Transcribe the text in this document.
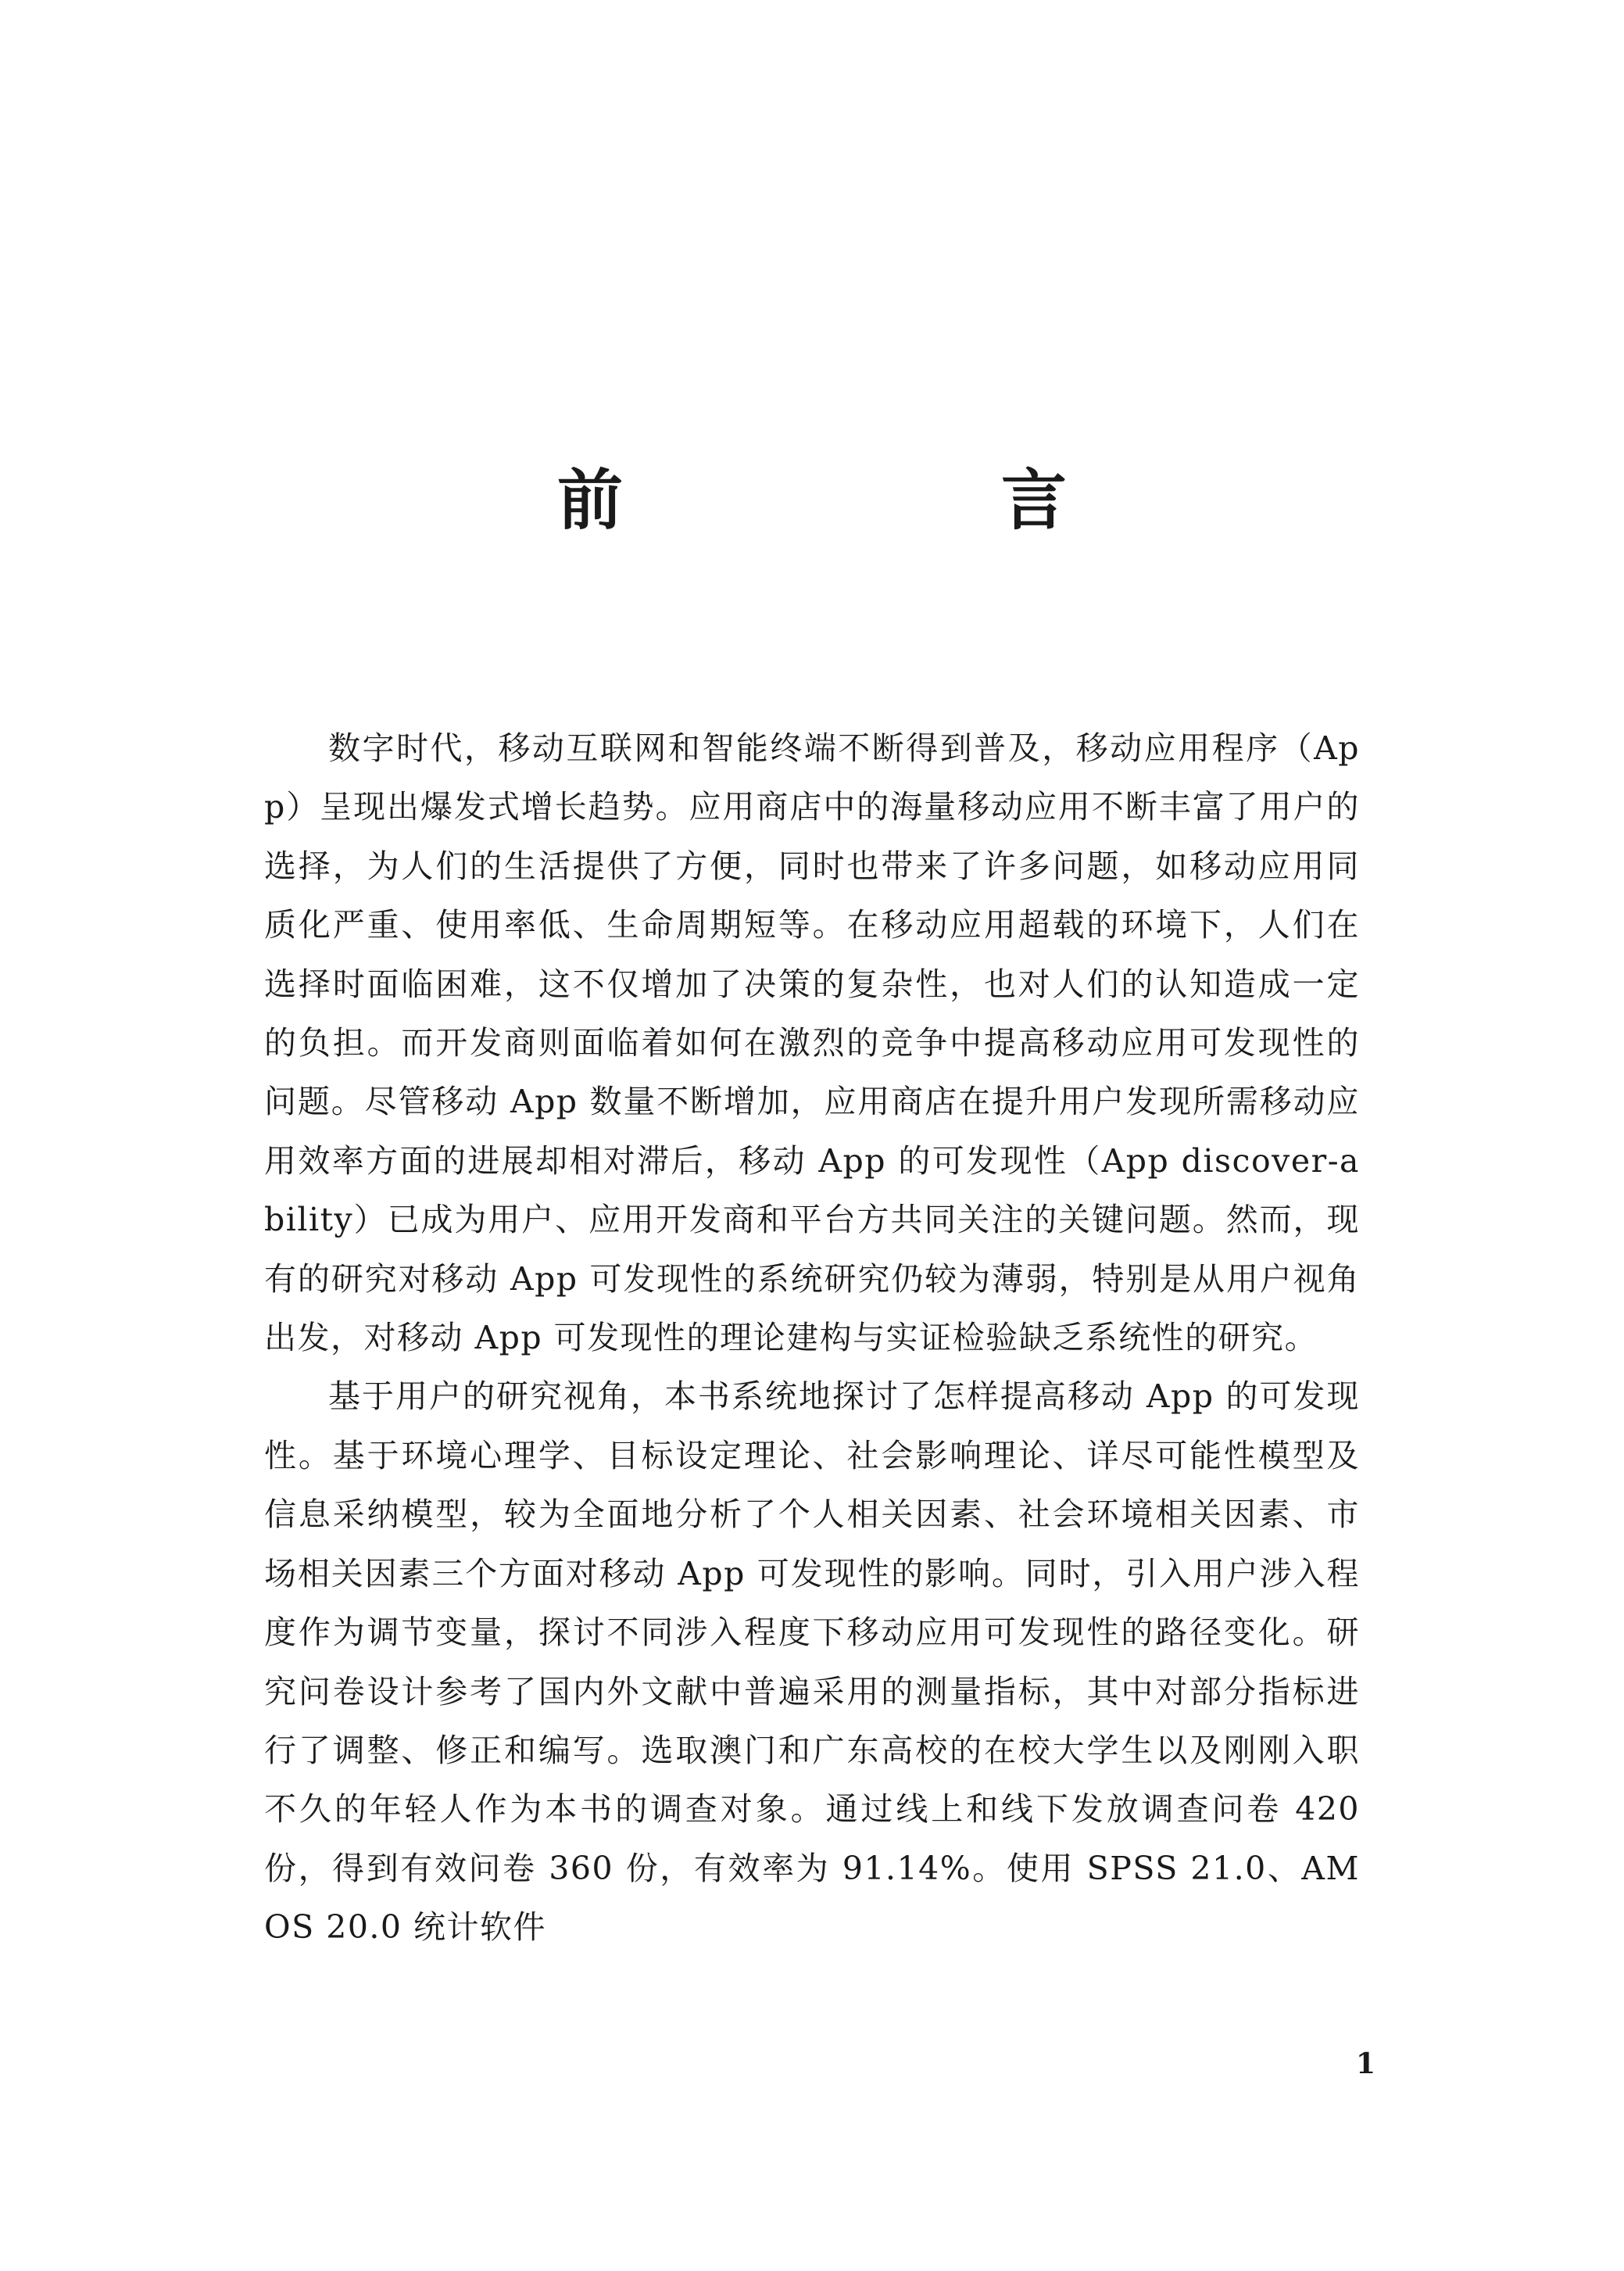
前　言

数字时代，移动互联网和智能终端不断得到普及，移动应用程序（App）呈现出爆发式增长趋势。应用商店中的海量移动应用不断丰富了用户的选择，为人们的生活提供了方便，同时也带来了许多问题，如移动应用同质化严重、使用率低、生命周期短等。在移动应用超载的环境下，人们在选择时面临困难，这不仅增加了决策的复杂性，也对人们的认知造成一定的负担。而开发商则面临着如何在激烈的竞争中提高移动应用可发现性的问题。尽管移动 App 数量不断增加，应用商店在提升用户发现所需移动应用效率方面的进展却相对滞后，移动 App 的可发现性（App discover-ability）已成为用户、应用开发商和平台方共同关注的关键问题。然而，现有的研究对移动 App 可发现性的系统研究仍较为薄弱，特别是从用户视角出发，对移动 App 可发现性的理论建构与实证检验缺乏系统性的研究。

基于用户的研究视角，本书系统地探讨了怎样提高移动 App 的可发现性。基于环境心理学、目标设定理论、社会影响理论、详尽可能性模型及信息采纳模型，较为全面地分析了个人相关因素、社会环境相关因素、市场相关因素三个方面对移动 App 可发现性的影响。同时，引入用户涉入程度作为调节变量，探讨不同涉入程度下移动应用可发现性的路径变化。研究问卷设计参考了国内外文献中普遍采用的测量指标，其中对部分指标进行了调整、修正和编写。选取澳门和广东高校的在校大学生以及刚刚入职不久的年轻人作为本书的调查对象。通过线上和线下发放调查问卷 420 份，得到有效问卷 360 份，有效率为 91.14%。使用 SPSS 21.0、AMOS 20.0 统计软件

1
